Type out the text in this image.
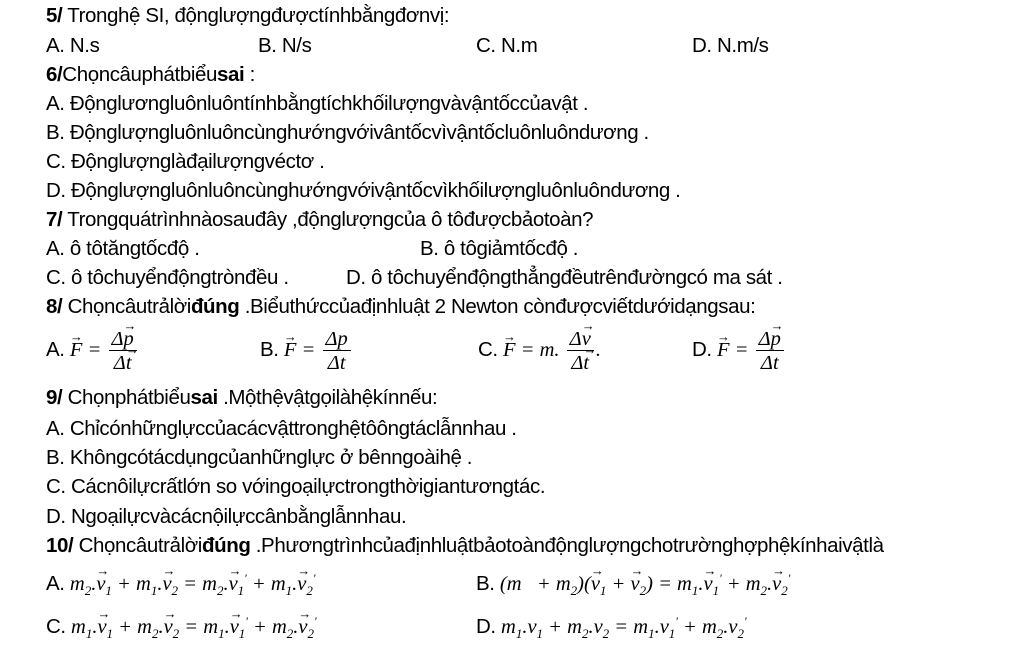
5/ Tronghệ SI, độnglượngđượctínhbằngđơnvị:
A. N.s	B. N/s	C. N.m	D. N.m/s
6/Chọncâuphátbiểusai :
A. Độnglươngluônluôntínhbằngtíchkhốilượngvàvậntốccủavật .
B. Độnglượngluônluôncùnghướngvớivântốcvìvậntốcluônluôndương .
C. Độnglượnglàđạilượngvéctơ .
D. Độnglượngluônluôncùnghướngvớivậntốcvìkhốilượngluônluôndương .
7/ Trongquátrìnhnàosauđây ,độnglượngcủa ô tôđượcbảotoàn?
A. ô tôtăngtốcđộ .	B. ô tôgiảmtốcđộ .
C. ô tôchuyểnđộngtrònđều .	D. ô tôchuyểnđộngthẳngđềutrênđườngcó ma sát .
8/ Chọncâutrảlờiđúng .Biểuthứccủađịnhluật 2 Newton cònđượcviếtdướidạngsau:
A. → $F = \frac{\Delta\to p}{\Delta\to t}$	B. → $F = \frac{\Delta p}{\Delta t}$	C. → F = m. $\frac{\Delta\to v}{\Delta\to t}$ .	D. → $F = \frac{\Delta\to p}{\Delta t}$
9/ Chọnphátbiểusai .Mộthệvậtgọilàhệkínnếu:
A. Chỉcónhữnglựccủacácvậttronghệtôôngtáclẫnnhau .
B. Khôngcótácdụngcủanhữnglực ở bênngoàihệ .
C. Cácnôilựcrấtlớn so vớingoạilựctrongthờigiantươngtác.
D. Ngoạilựcvàcácnộilựccânbằnglẫnnhau.
10/ Chọncâutrảlờiđúng .Phươngtrìnhcủađịnhluậtbảotoànđộnglượngchotrườnghợphệkínhaivậtlà
A. $m_2.\to v_1 + m_1.\to v_2 = m_2.\to v_1' + m_1.\to v_2'$	B. $(m + m_2)(\to v_1$ + → $v_2) = m_1.\to v_1' + m_2.\to v_2'$
C. $m_1.\to v_1 + m_2.\to v_2 = m_1.\to v_1' + m_2.\to v_2'$	D. $m_1.v_1 + m_2.v_2 = m_1.v_1' + m_2.v_2'$
